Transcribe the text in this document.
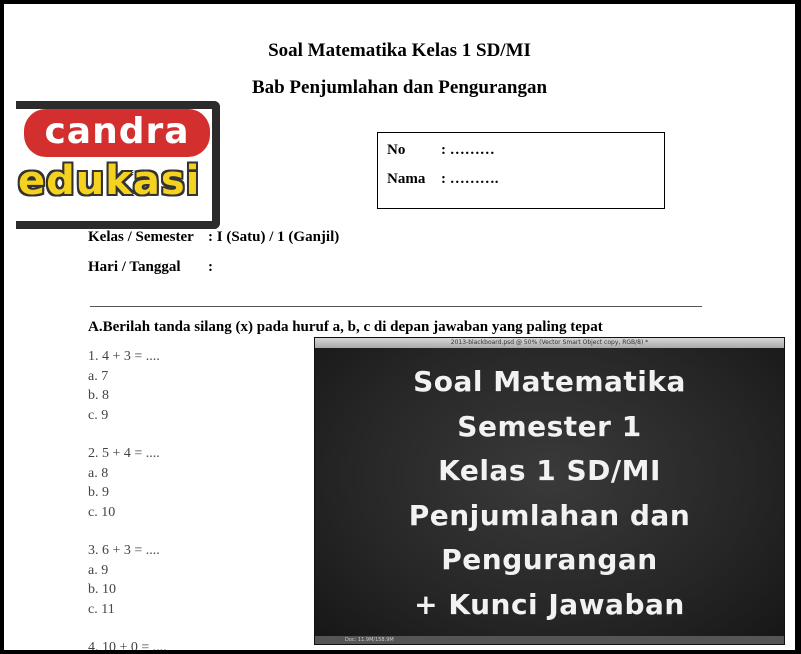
Soal Matematika Kelas 1 SD/MI
Bab Penjumlahan dan Pengurangan
candra
edukasi
No : ………
Nama : ……….
Kelas / Semester : I (Satu) / 1 (Ganjil)
Hari / Tanggal :
A.Berilah tanda silang (x) pada huruf a, b, c di depan jawaban yang paling tepat
1. 4 + 3 = ....
a. 7
b. 8
c. 9
2. 5 + 4 = ....
a. 8
b. 9
c. 10
3. 6 + 3 = ....
a. 9
b. 10
c. 11
4. 10 + 0 = ....
2013-blackboard.psd @ 50% (Vector Smart Object copy, RGB/8) *
Soal Matematika
Semester 1
Kelas 1 SD/MI
Penjumlahan dan
Pengurangan
+ Kunci Jawaban
Doc: 11.9M/158.9M
